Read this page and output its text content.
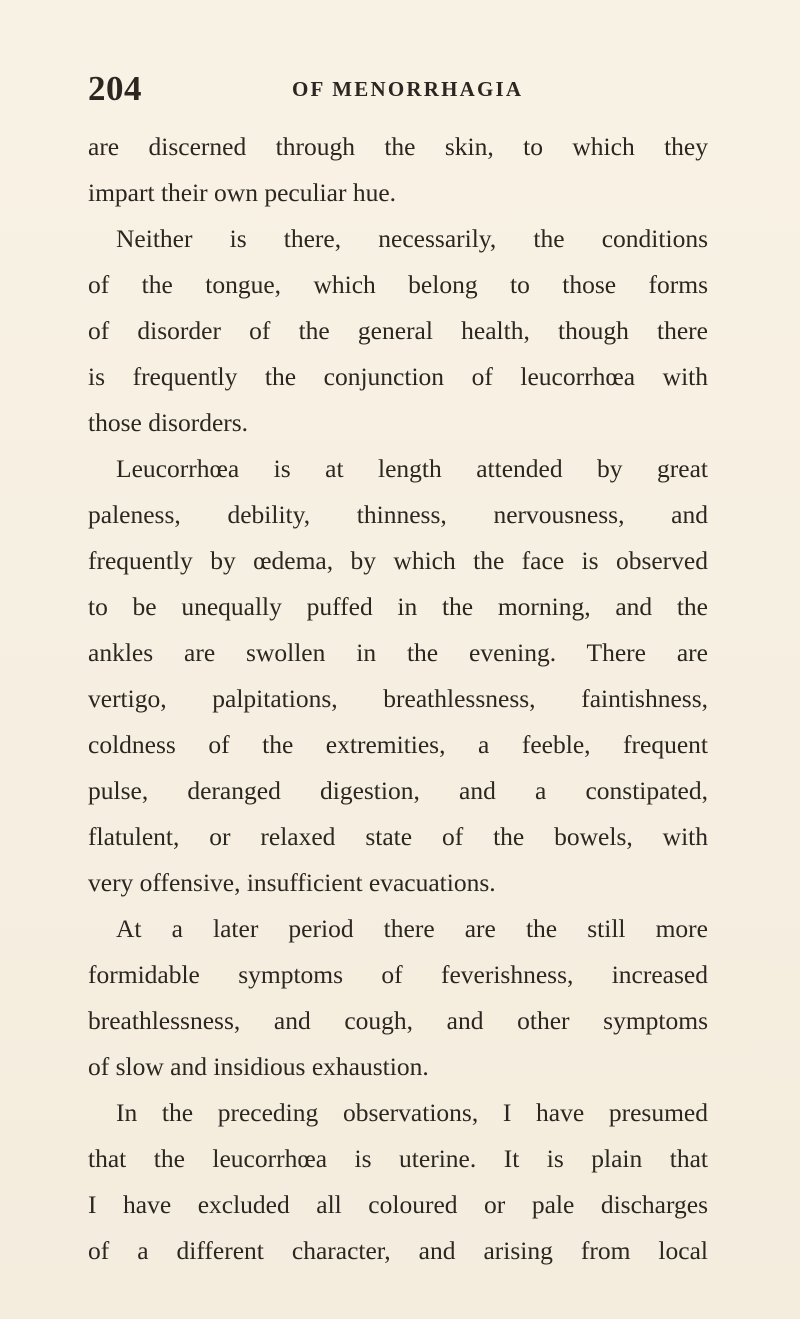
204	OF MENORRHAGIA
are discerned through the skin, to which they
impart their own peculiar hue.
Neither is there, necessarily, the conditions
of the tongue, which belong to those forms
of disorder of the general health, though there
is frequently the conjunction of leucorrhœa with
those disorders.
Leucorrhœa is at length attended by great
paleness, debility, thinness, nervousness, and
frequently by œdema, by which the face is observed
to be unequally puffed in the morning, and the
ankles are swollen in the evening. There are
vertigo, palpitations, breathlessness, faintishness,
coldness of the extremities, a feeble, frequent
pulse, deranged digestion, and a constipated,
flatulent, or relaxed state of the bowels, with
very offensive, insufficient evacuations.
At a later period there are the still more
formidable symptoms of feverishness, increased
breathlessness, and cough, and other symptoms
of slow and insidious exhaustion.
In the preceding observations, I have presumed
that the leucorrhœa is uterine. It is plain that
I have excluded all coloured or pale discharges
of a different character, and arising from local
